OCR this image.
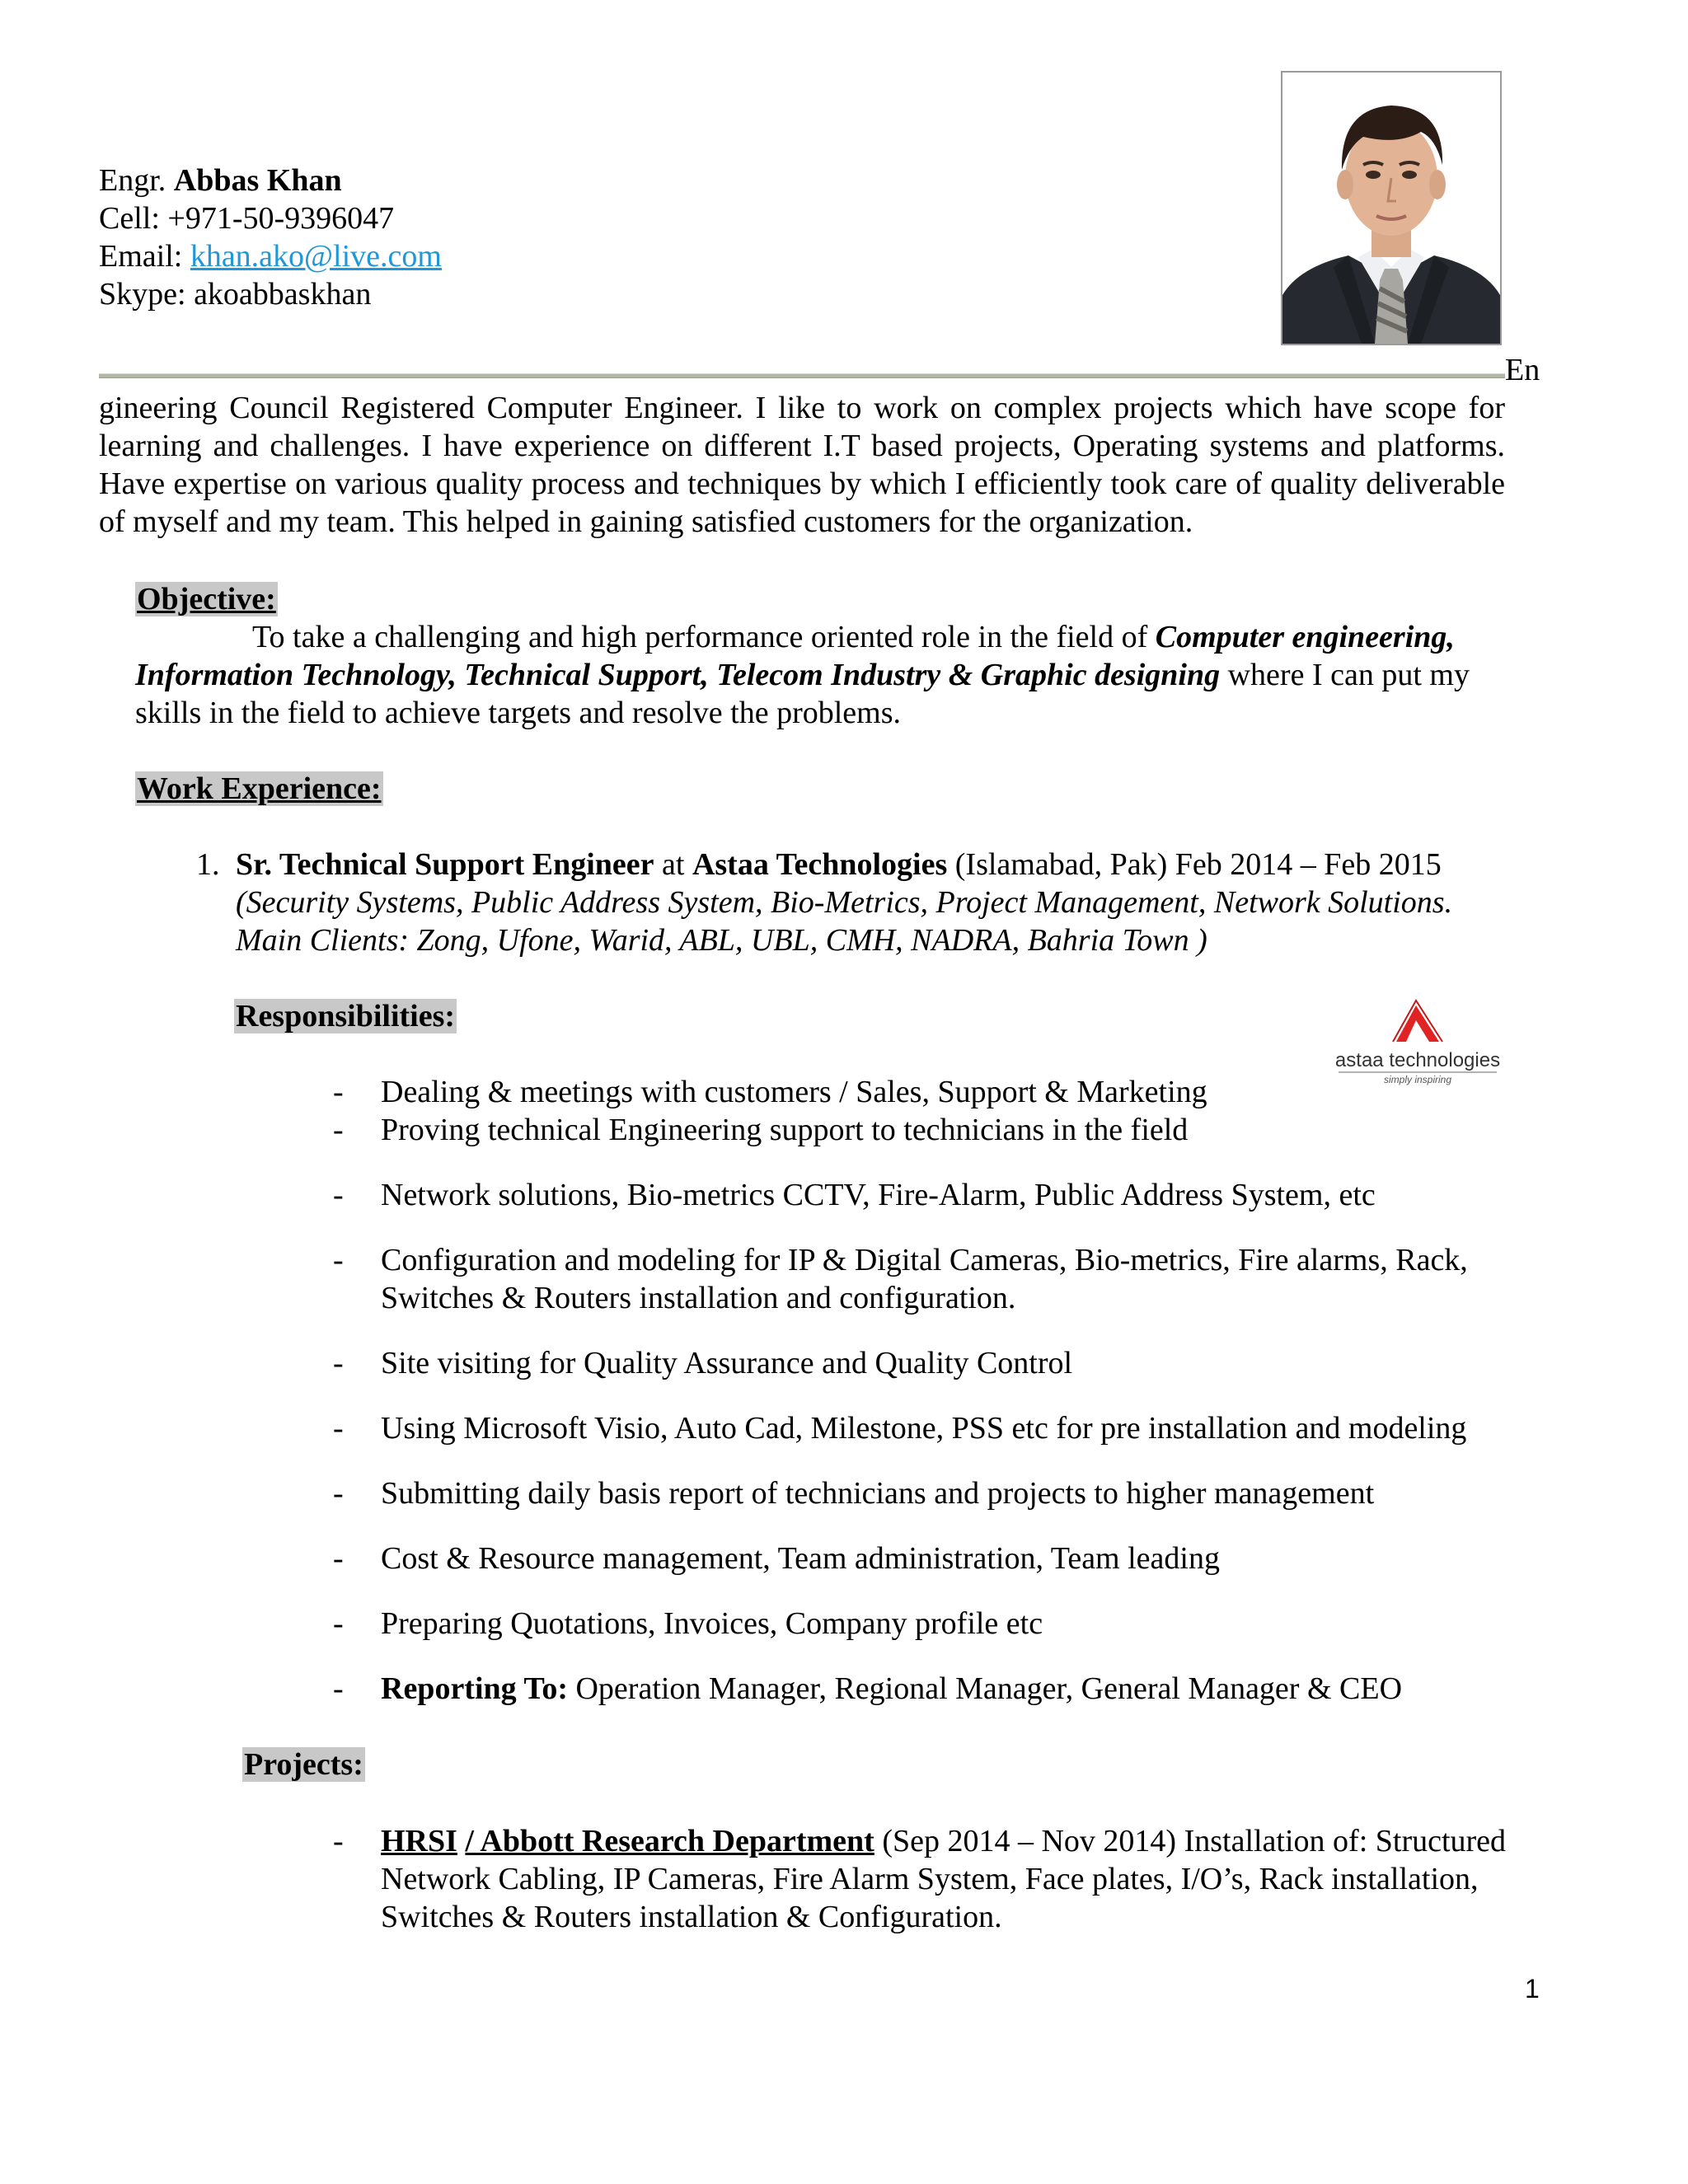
Engr. Abbas Khan
Cell: +971-50-9396047
Email: khan.ako@live.com
Skype: akoabbaskhan
En
gineering Council Registered Computer Engineer. I like to work on complex projects which have scope for learning and challenges. I have experience on different I.T based projects, Operating systems and platforms. Have expertise on various quality process and techniques by which I efficiently took care of quality deliverable of myself and my team. This helped in gaining satisfied customers for the organization.
Objective:
To take a challenging and high performance oriented role in the field of Computer engineering, Information Technology, Technical Support, Telecom Industry & Graphic designing where I can put my skills in the field to achieve targets and resolve the problems.
Work Experience:
1. Sr. Technical Support Engineer at Astaa Technologies (Islamabad, Pak) Feb 2014 – Feb 2015
(Security Systems, Public Address System, Bio-Metrics, Project Management, Network Solutions.
Main Clients: Zong, Ufone, Warid, ABL, UBL, CMH, NADRA, Bahria Town )
Responsibilities:
astaa technologies
simply inspiring
-	Dealing & meetings with customers / Sales, Support & Marketing
-	Proving technical Engineering support to technicians in the field
-	Network solutions, Bio-metrics CCTV, Fire-Alarm, Public Address System, etc
-	Configuration and modeling for IP & Digital Cameras, Bio-metrics, Fire alarms, Rack, Switches & Routers installation and configuration.
-	Site visiting for Quality Assurance and Quality Control
-	Using Microsoft Visio, Auto Cad, Milestone, PSS etc for pre installation and modeling
-	Submitting daily basis report of technicians and projects to higher management
-	Cost & Resource management, Team administration, Team leading
-	Preparing Quotations, Invoices, Company profile etc
-	Reporting To: Operation Manager, Regional Manager, General Manager & CEO
Projects:
-	HRSI / Abbott Research Department (Sep 2014 – Nov 2014) Installation of: Structured Network Cabling, IP Cameras, Fire Alarm System, Face plates, I/O’s, Rack installation, Switches & Routers installation & Configuration.
1
